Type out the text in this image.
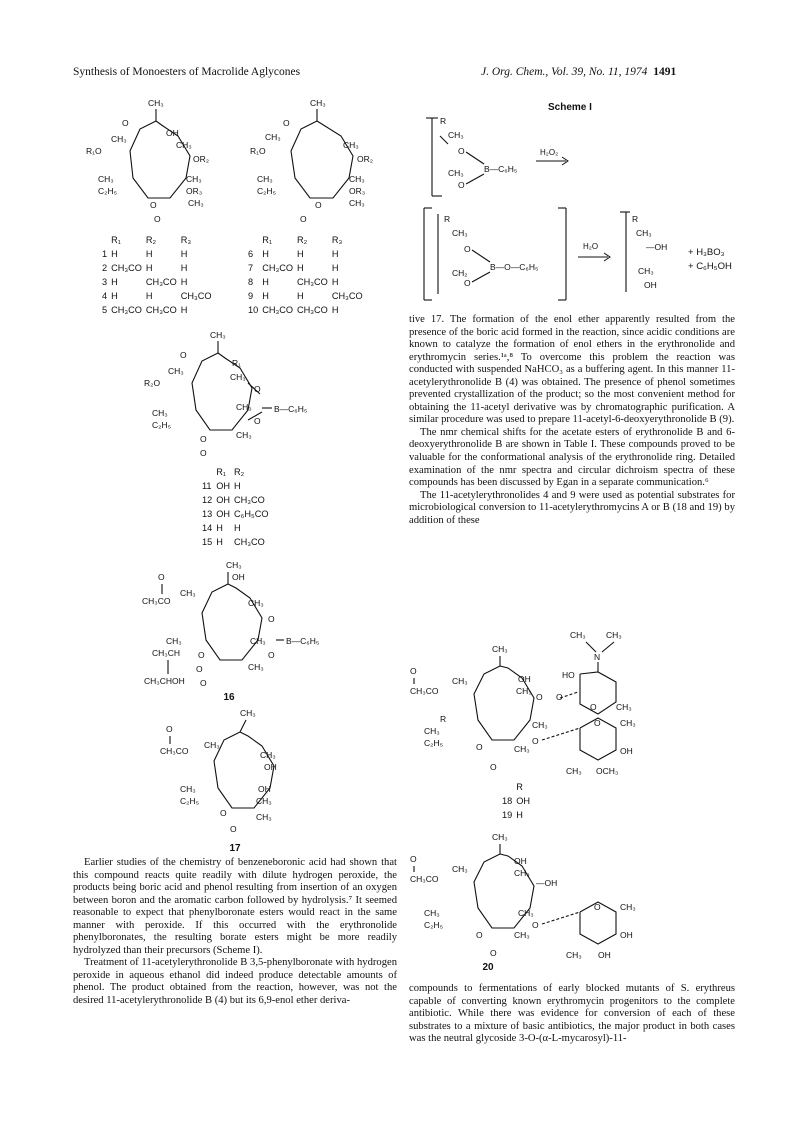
Synthesis of Monoesters of Macrolide Aglycones	J. Org. Chem., Vol. 39, No. 11, 1974 1491
CH₃
O
CH₃
R₁O
OH
CH₃
OR₂
CH₃
C₂H₅
CH₃
OR₃
O	CH₃
O
CH₃
O
CH₃
R₁O
CH₃
OR₂
CH₃
C₂H₅
CH₃
OR₃
O	CH₃
O
	R₁	R₂	R₃
1	H	H	H
2	CH₃CO	H	H
3	H	CH₃CO	H
4	H	H	CH₃CO
5	CH₃CO	CH₃CO	H
	R₁	R₂	R₃
6	H	H	H
7	CH₃CO	H	H
8	H	CH₃CO	H
9	H	H	CH₃CO
10	CH₃CO	CH₃CO	H
CH₃
O
CH₃
R₂O
R₁
CH₃
O
CH₃	B—C₆H₅
O
CH₃
C₂H₅
O	CH₃
O
	R₁	R₂
11	OH	H
12	OH	CH₃CO
13	OH	C₆H₅CO
14	H	H
15	H	CH₃CO
CH₃
OH
O
CH₃CO
CH₃
CH₃
O
CH₃ B—C₆H₅
O
CH₃
CH₃CH O
CH₃
O
CH₃CHOH O
16
CH₃
O
CH₃CO
CH₃
CH₃
OH
CH₃
C₂H₅
OH
CH₃
O	CH₃
O
17

Earlier studies of the chemistry of benzeneboronic acid had shown that this compound reacts quite readily with dilute hydrogen peroxide, the products being boric acid and phenol resulting from insertion of an oxygen between boron and the aromatic carbon followed by hydrolysis.⁷ It seemed reasonable to expect that phenylboronate esters would react in the same manner with peroxide. If this occurred with the erythronolide phenylboronates, the resulting borate esters might be more readily hydrolyzed than their precursors (Scheme I).

Treatment of 11-acetylerythronolide B 3,5-phenylboronate with hydrogen peroxide in aqueous ethanol did indeed produce detectable amounts of phenol. The product obtained from the reaction, however, was not the desired 11-acetylerythronolide B (4) but its 6,9-enol ether deriva-

Scheme I
R
CH₃
O
B—C₆H₅
CH₃
O
H₂O₂
R
CH₃
O
B—O—C₆H₅
CH₂
O
H₂O
R
CH₃
—OH
CH₃
OH
+ H₃BO₃
+ C₆H₅OH

tive 17. The formation of the enol ether apparently resulted from the presence of the boric acid formed in the reaction, since acidic conditions are known to catalyze the formation of enol ethers in the erythronolide and erythromycin series.¹ᵃ,⁸ To overcome this problem the reaction was conducted with suspended NaHCO₃ as a buffering agent. In this manner 11-acetylerythronolide B (4) was obtained. The presence of phenol sometimes prevented crystallization of the product; so the most convenient method for obtaining the 11-acetyl derivative was by chromatographic purification. A similar procedure was used to prepare 11-acetyl-6-deoxyerythronolide B (9).

The nmr chemical shifts for the acetate esters of erythronolide B and 6-deoxyerythronolide B are shown in Table I. These compounds proved to be valuable for the conformational analysis of the erythronolide ring. Detailed examination of the nmr spectra and circular dichroism spectra of these compounds has been discussed by Egan in a separate communication.⁶

The 11-acetylerythronolides 4 and 9 were used as potential substrates for microbiological conversion to 11-acetylerythromycins A or B (18 and 19) by addition of these

CH₃ CH₃
N
HO
O CH₃
O
CH₃
O
CH₃CO
CH₃	OH
CH₃
O
CH₃
R
CH₃
C₂H₅	O	CH₃
O
O
O CH₃
OH
CH₃ OCH₃
	R
18	OH
19	H
CH₃
O
CH₃CO
CH₃
OH
CH₃
—OH
CH₃
C₂H₅
CH₃
O	CH₃
O
O
O CH₃
OH
CH₃ OH
20

compounds to fermentations of early blocked mutants of S. erythreus capable of converting known erythromycin progenitors to the complete antibiotic. While there was evidence for conversion of each of these substrates to a mixture of basic antibiotics, the major product in both cases was the neutral glycoside 3-O-(α-L-mycarosyl)-11-
